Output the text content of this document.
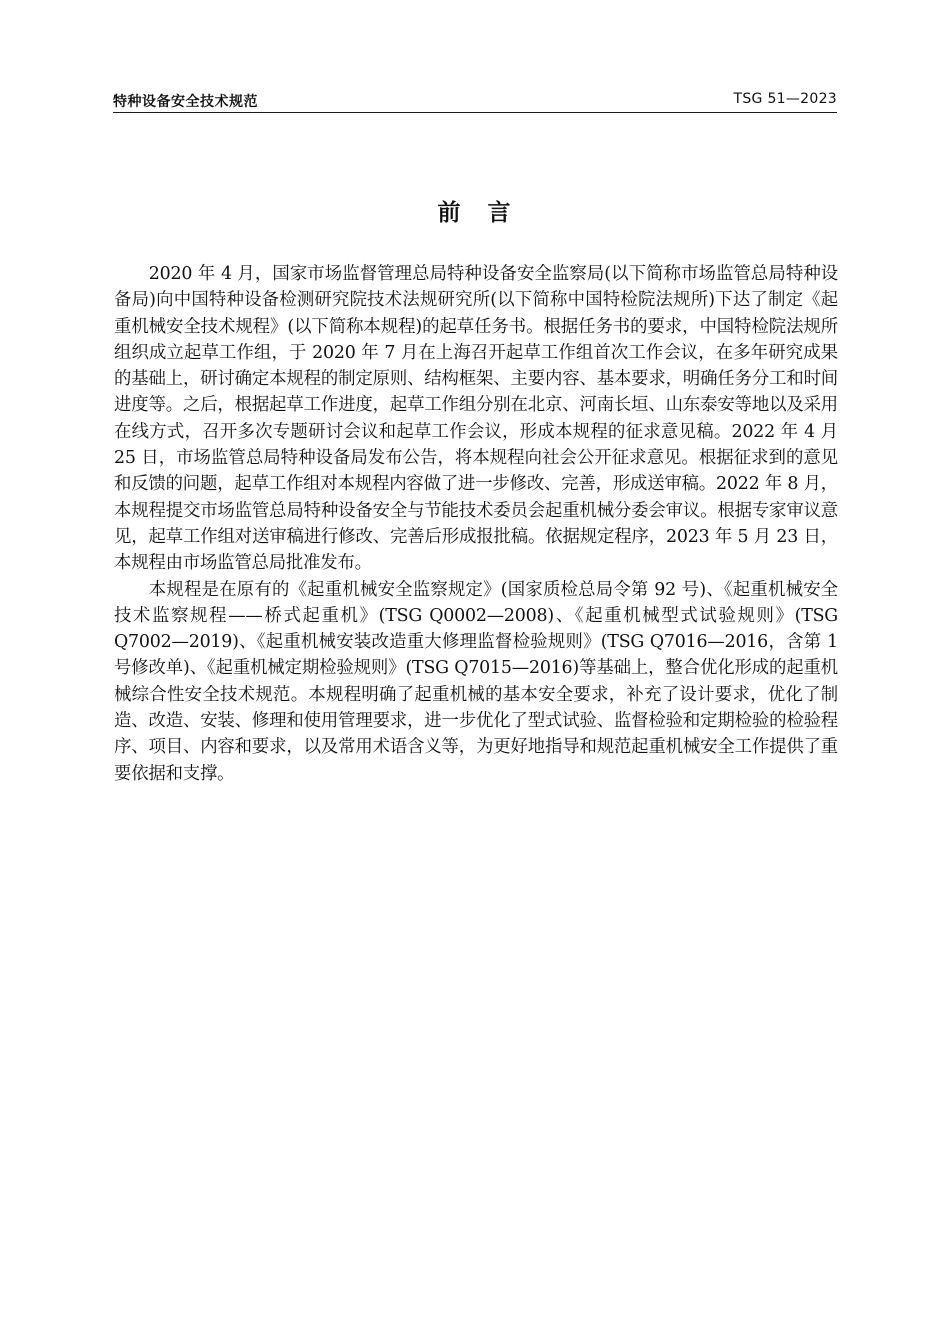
特种设备安全技术规范	TSG 51—2023
前　言

2020 年 4 月，国家市场监督管理总局特种设备安全监察局(以下简称市场监管总局特种设备局)向中国特种设备检测研究院技术法规研究所(以下简称中国特检院法规所)下达了制定《起重机械安全技术规程》(以下简称本规程)的起草任务书。根据任务书的要求，中国特检院法规所组织成立起草工作组，于 2020 年 7 月在上海召开起草工作组首次工作会议，在多年研究成果的基础上，研讨确定本规程的制定原则、结构框架、主要内容、基本要求，明确任务分工和时间进度等。之后，根据起草工作进度，起草工作组分别在北京、河南长垣、山东泰安等地以及采用在线方式，召开多次专题研讨会议和起草工作会议，形成本规程的征求意见稿。2022 年 4 月 25 日，市场监管总局特种设备局发布公告，将本规程向社会公开征求意见。根据征求到的意见和反馈的问题，起草工作组对本规程内容做了进一步修改、完善，形成送审稿。2022 年 8 月，本规程提交市场监管总局特种设备安全与节能技术委员会起重机械分委会审议。根据专家审议意见，起草工作组对送审稿进行修改、完善后形成报批稿。依据规定程序，2023 年 5 月 23 日，本规程由市场监管总局批准发布。

本规程是在原有的《起重机械安全监察规定》(国家质检总局令第 92 号)、《起重机械安全技术监察规程——桥式起重机》(TSG Q0002—2008)、《起重机械型式试验规则》(TSG Q7002—2019)、《起重机械安装改造重大修理监督检验规则》(TSG Q7016—2016，含第 1 号修改单)、《起重机械定期检验规则》(TSG Q7015—2016)等基础上，整合优化形成的起重机械综合性安全技术规范。本规程明确了起重机械的基本安全要求，补充了设计要求，优化了制造、改造、安装、修理和使用管理要求，进一步优化了型式试验、监督检验和定期检验的检验程序、项目、内容和要求，以及常用术语含义等，为更好地指导和规范起重机械安全工作提供了重要依据和支撑。
